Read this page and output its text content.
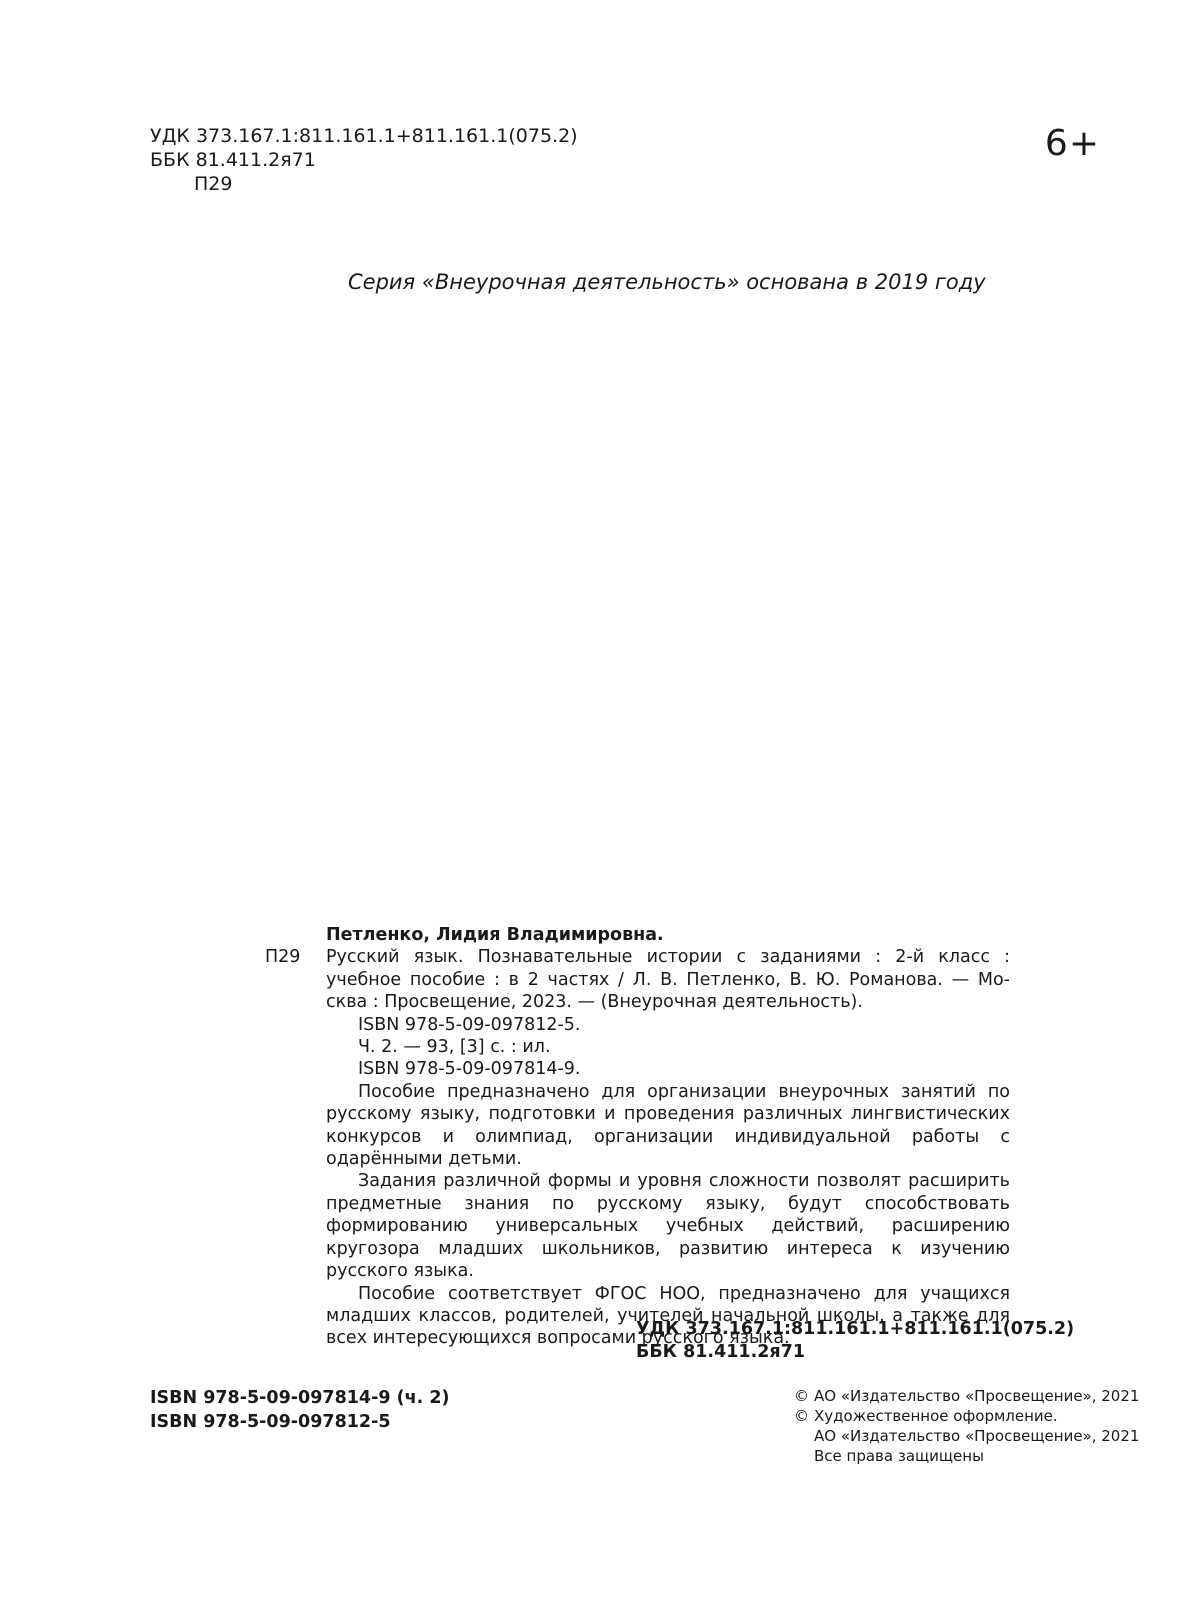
УДК 373.167.1:811.161.1+811.161.1(075.2)
ББК 81.411.2я71
П29
6+
Серия «Внеурочная деятельность» основана в 2019 году
Петленко, Лидия Владимировна.
П29 Русский язык. Познавательные истории с заданиями : 2-й класс :
учебное пособие : в 2 частях / Л. В. Петленко, В. Ю. Романова. — Мо-
сква : Просвещение, 2023. — (Внеурочная деятельность).
ISBN 978-5-09-097812-5.
Ч. 2. — 93, [3] с. : ил.
ISBN 978-5-09-097814-9.
Пособие предназначено для организации внеурочных занятий по русскому языку, подготовки и проведения различных лингвистических конкурсов и олимпиад, организации индивидуальной работы с одарёнными детьми.
Задания различной формы и уровня сложности позволят расширить предметные знания по русскому языку, будут способствовать формированию универсальных учебных действий, расширению кругозора младших школьников, развитию интереса к изучению русского языка.
Пособие соответствует ФГОС НОО, предназначено для учащихся младших классов, родителей, учителей начальной школы, а также для всех интересующихся вопросами русского языка.
УДК 373.167.1:811.161.1+811.161.1(075.2)
ББК 81.411.2я71
ISBN 978-5-09-097814-9 (ч. 2)
ISBN 978-5-09-097812-5
© АО «Издательство «Просвещение», 2021
© Художественное оформление.
АО «Издательство «Просвещение», 2021
Все права защищены
